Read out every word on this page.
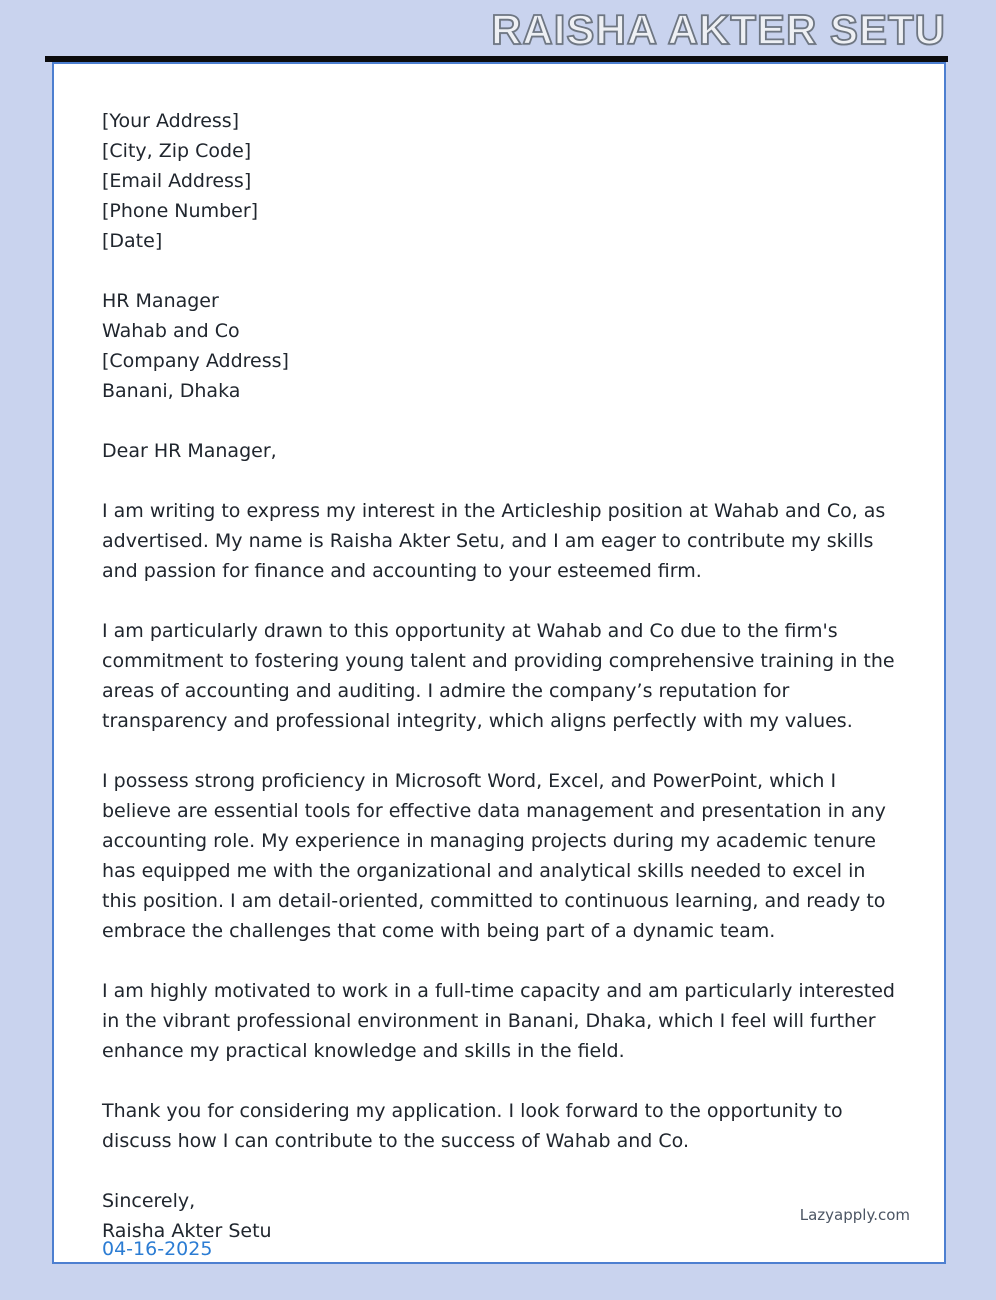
RAISHA AKTER SETU
[Your Address]
[City, Zip Code]
[Email Address]
[Phone Number]
[Date]
HR Manager
Wahab and Co
[Company Address]
Banani, Dhaka

Dear HR Manager,

I am writing to express my interest in the Articleship position at Wahab and Co, as advertised. My name is Raisha Akter Setu, and I am eager to contribute my skills and passion for finance and accounting to your esteemed firm.

I am particularly drawn to this opportunity at Wahab and Co due to the firm's commitment to fostering young talent and providing comprehensive training in the areas of accounting and auditing. I admire the company’s reputation for transparency and professional integrity, which aligns perfectly with my values.

I possess strong proficiency in Microsoft Word, Excel, and PowerPoint, which I believe are essential tools for effective data management and presentation in any accounting role. My experience in managing projects during my academic tenure has equipped me with the organizational and analytical skills needed to excel in this position. I am detail-oriented, committed to continuous learning, and ready to embrace the challenges that come with being part of a dynamic team.

I am highly motivated to work in a full-time capacity and am particularly interested in the vibrant professional environment in Banani, Dhaka, which I feel will further enhance my practical knowledge and skills in the field.

Thank you for considering my application. I look forward to the opportunity to discuss how I can contribute to the success of Wahab and Co.

Sincerely,

Raisha Akter Setu

04-16-2025
Lazyapply.com
